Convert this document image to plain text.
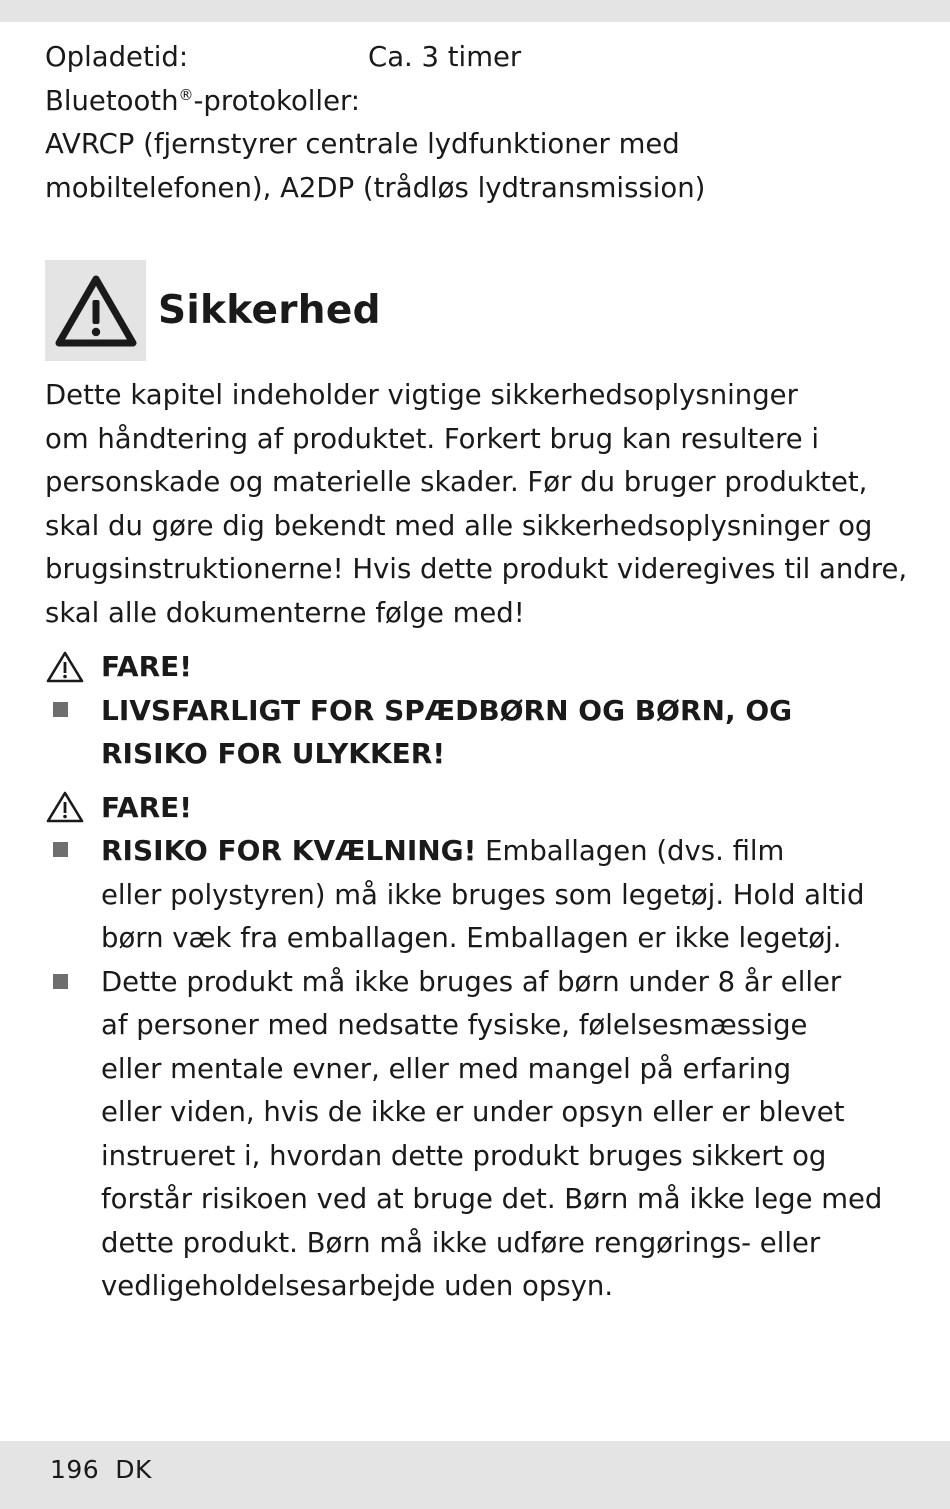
Opladetid:	Ca. 3 timer
Bluetooth®-protokoller:
AVRCP (fjernstyrer centrale lydfunktioner med
mobiltelefonen), A2DP (trådløs lydtransmission)
Sikkerhed
Dette kapitel indeholder vigtige sikkerhedsoplysninger
om håndtering af produktet. Forkert brug kan resultere i
personskade og materielle skader. Før du bruger produktet,
skal du gøre dig bekendt med alle sikkerhedsoplysninger og
brugsinstruktionerne! Hvis dette produkt videregives til andre,
skal alle dokumenterne følge med!
FARE!
LIVSFARLIGT FOR SPÆDBØRN OG BØRN, OG
RISIKO FOR ULYKKER!
FARE!
RISIKO FOR KVÆLNING! Emballagen (dvs. film
eller polystyren) må ikke bruges som legetøj. Hold altid
børn væk fra emballagen. Emballagen er ikke legetøj.
Dette produkt må ikke bruges af børn under 8 år eller
af personer med nedsatte fysiske, følelsesmæssige
eller mentale evner, eller med mangel på erfaring
eller viden, hvis de ikke er under opsyn eller er blevet
instrueret i, hvordan dette produkt bruges sikkert og
forstår risikoen ved at bruge det. Børn må ikke lege med
dette produkt. Børn må ikke udføre rengørings- eller
vedligeholdelsesarbejde uden opsyn.
196 DK
